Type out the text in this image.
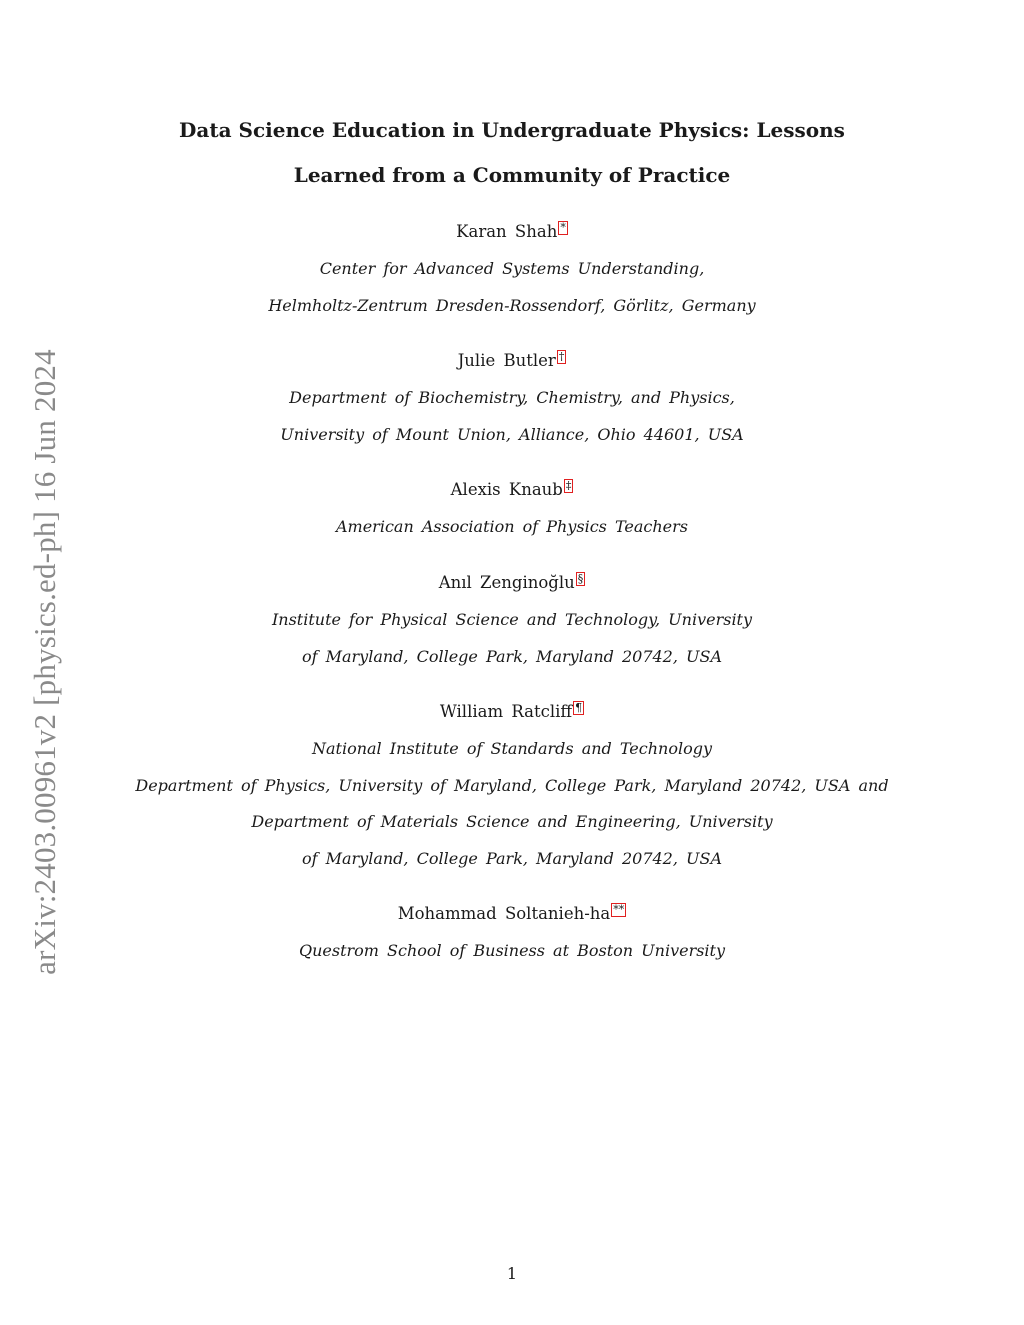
arXiv:2403.00961v2 [physics.ed-ph] 16 Jun 2024
Data Science Education in Undergraduate Physics: Lessons
Learned from a Community of Practice
Karan Shah *
Center for Advanced Systems Understanding,
Helmholtz-Zentrum Dresden-Rossendorf, Görlitz, Germany
Julie Butler †
Department of Biochemistry, Chemistry, and Physics,
University of Mount Union, Alliance, Ohio 44601, USA
Alexis Knaub ‡
American Association of Physics Teachers
Anıl Zenginoğlu §
Institute for Physical Science and Technology, University
of Maryland, College Park, Maryland 20742, USA
William Ratcliff ¶
National Institute of Standards and Technology
Department of Physics, University of Maryland, College Park, Maryland 20742, USA and
Department of Materials Science and Engineering, University
of Maryland, College Park, Maryland 20742, USA
Mohammad Soltanieh-ha **
Questrom School of Business at Boston University
1
